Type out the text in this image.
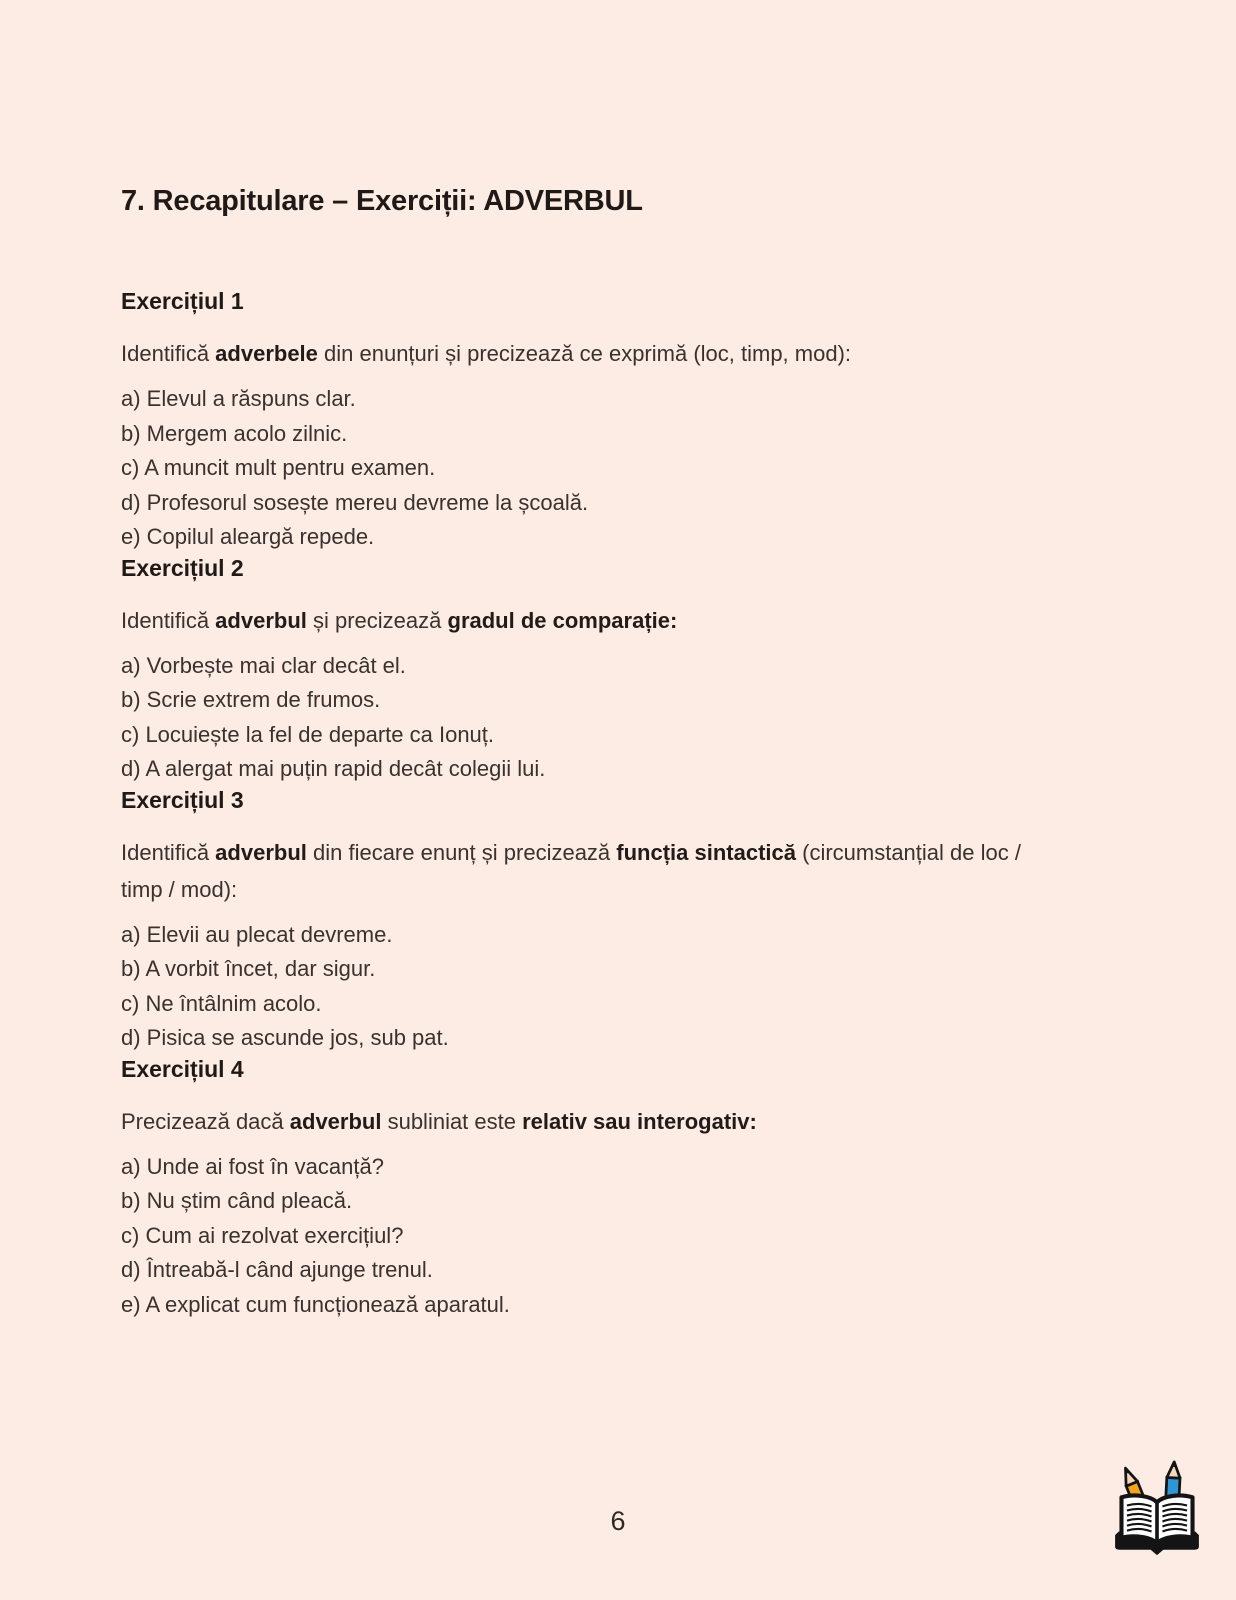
7. Recapitulare – Exerciții: ADVERBUL
Exercițiul 1

Identifică adverbele din enunțuri și precizează ce exprimă (loc, timp, mod):

a) Elevul a răspuns clar.
b) Mergem acolo zilnic.
c) A muncit mult pentru examen.
d) Profesorul sosește mereu devreme la școală.
e) Copilul aleargă repede.
Exercițiul 2

Identifică adverbul și precizează gradul de comparație:

a) Vorbește mai clar decât el.
b) Scrie extrem de frumos.
c) Locuiește la fel de departe ca Ionuț.
d) A alergat mai puțin rapid decât colegii lui.
Exercițiul 3

Identifică adverbul din fiecare enunț și precizează funcția sintactică (circumstanțial de loc / timp / mod):

a) Elevii au plecat devreme.
b) A vorbit încet, dar sigur.
c) Ne întâlnim acolo.
d) Pisica se ascunde jos, sub pat.
Exercițiul 4

Precizează dacă adverbul subliniat este relativ sau interogativ:

a) Unde ai fost în vacanță?
b) Nu știm când pleacă.
c) Cum ai rezolvat exercițiul?
d) Întreabă-l când ajunge trenul.
e) A explicat cum funcționează aparatul.
6
